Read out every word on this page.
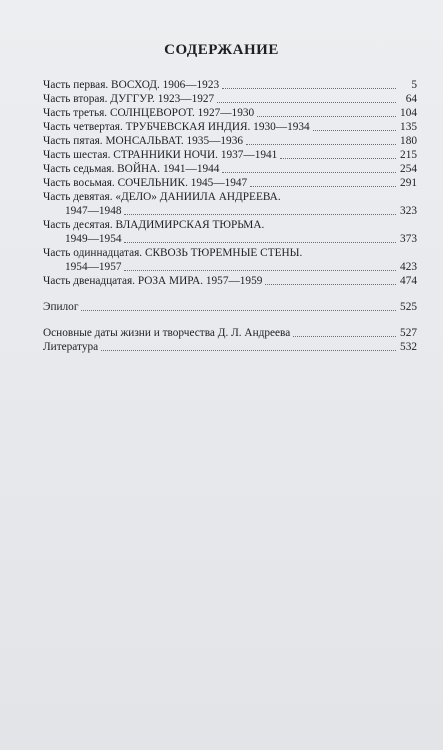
СОДЕРЖАНИЕ
Часть первая. ВОСХОД. 1906—1923	5
Часть вторая. ДУГГУР. 1923—1927	64
Часть третья. СОЛНЦЕВОРОТ. 1927—1930	104
Часть четвертая. ТРУБЧЕВСКАЯ ИНДИЯ. 1930—1934	135
Часть пятая. МОНСАЛЬВАТ. 1935—1936	180
Часть шестая. СТРАННИКИ НОЧИ. 1937—1941	215
Часть седьмая. ВОЙНА. 1941—1944	254
Часть восьмая. СОЧЕЛЬНИК. 1945—1947	291
Часть девятая. «ДЕЛО» ДАНИИЛА АНДРЕЕВА.
1947—1948	323
Часть десятая. ВЛАДИМИРСКАЯ ТЮРЬМА.
1949—1954	373
Часть одиннадцатая. СКВОЗЬ ТЮРЕМНЫЕ СТЕНЫ.
1954—1957	423
Часть двенадцатая. РОЗА МИРА. 1957—1959	474
Эпилог	525
Основные даты жизни и творчества Д. Л. Андреева	527
Литература	532
